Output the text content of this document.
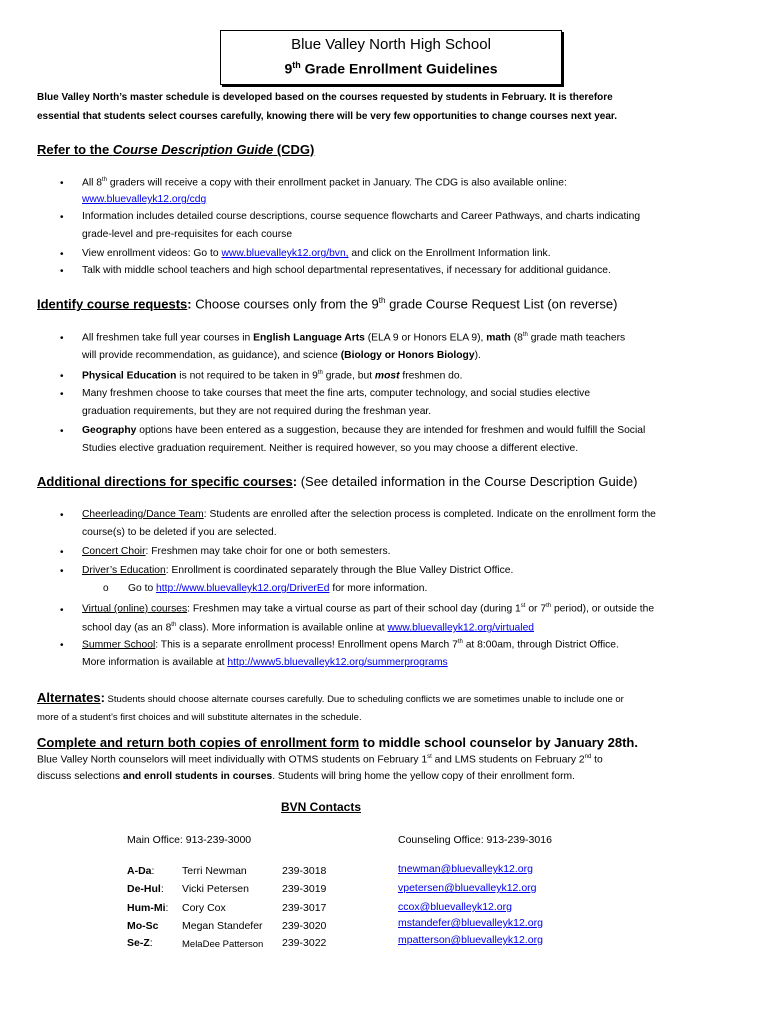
Blue Valley North High School
9th Grade Enrollment Guidelines
Blue Valley North’s master schedule is developed based on the courses requested by students in February. It is therefore
essential that students select courses carefully, knowing there will be very few opportunities to change courses next year.
Refer to the Course Description Guide (CDG)
• All 8th graders will receive a copy with their enrollment packet in January. The CDG is also available online:
www.bluevalleyk12.org/cdg
• Information includes detailed course descriptions, course sequence flowcharts and Career Pathways, and charts indicating
grade-level and pre-requisites for each course
• View enrollment videos: Go to www.bluevalleyk12.org/bvn, and click on the Enrollment Information link.
• Talk with middle school teachers and high school departmental representatives, if necessary for additional guidance.
Identify course requests: Choose courses only from the 9th grade Course Request List (on reverse)
• All freshmen take full year courses in English Language Arts (ELA 9 or Honors ELA 9), math (8th grade math teachers
will provide recommendation, as guidance), and science (Biology or Honors Biology).
• Physical Education is not required to be taken in 9th grade, but most freshmen do.
• Many freshmen choose to take courses that meet the fine arts, computer technology, and social studies elective
graduation requirements, but they are not required during the freshman year.
• Geography options have been entered as a suggestion, because they are intended for freshmen and would fulfill the Social
Studies elective graduation requirement. Neither is required however, so you may choose a different elective.
Additional directions for specific courses: (See detailed information in the Course Description Guide)
• Cheerleading/Dance Team: Students are enrolled after the selection process is completed. Indicate on the enrollment form the
course(s) to be deleted if you are selected.
• Concert Choir: Freshmen may take choir for one or both semesters.
• Driver’s Education: Enrollment is coordinated separately through the Blue Valley District Office.
o Go to http://www.bluevalleyk12.org/DriverEd for more information.
• Virtual (online) courses: Freshmen may take a virtual course as part of their school day (during 1st or 7th period), or outside the
school day (as an 8th class). More information is available online at www.bluevalleyk12.org/virtualed
• Summer School: This is a separate enrollment process! Enrollment opens March 7th at 8:00am, through District Office.
More information is available at http://www5.bluevalleyk12.org/summerprograms
Alternates: Students should choose alternate courses carefully. Due to scheduling conflicts we are sometimes unable to include one or
more of a student’s first choices and will substitute alternates in the schedule.
Complete and return both copies of enrollment form to middle school counselor by January 28th.
Blue Valley North counselors will meet individually with OTMS students on February 1st and LMS students on February 2nd to
discuss selections and enroll students in courses. Students will bring home the yellow copy of their enrollment form.
BVN Contacts
Main Office: 913-239-3000	Counseling Office: 913-239-3016
A-Da:	Terri Newman	239-3018	tnewman@bluevalleyk12.org
De-Hul: Vicki Petersen	239-3019	vpetersen@bluevalleyk12.org
Hum-Mi: Cory Cox	239-3017	ccox@bluevalleyk12.org
Mo-Sc Megan Standefer 239-3020	mstandefer@bluevalleyk12.org
Se-Z:	MelaDee Patterson 239-3022	mpatterson@bluevalleyk12.org
